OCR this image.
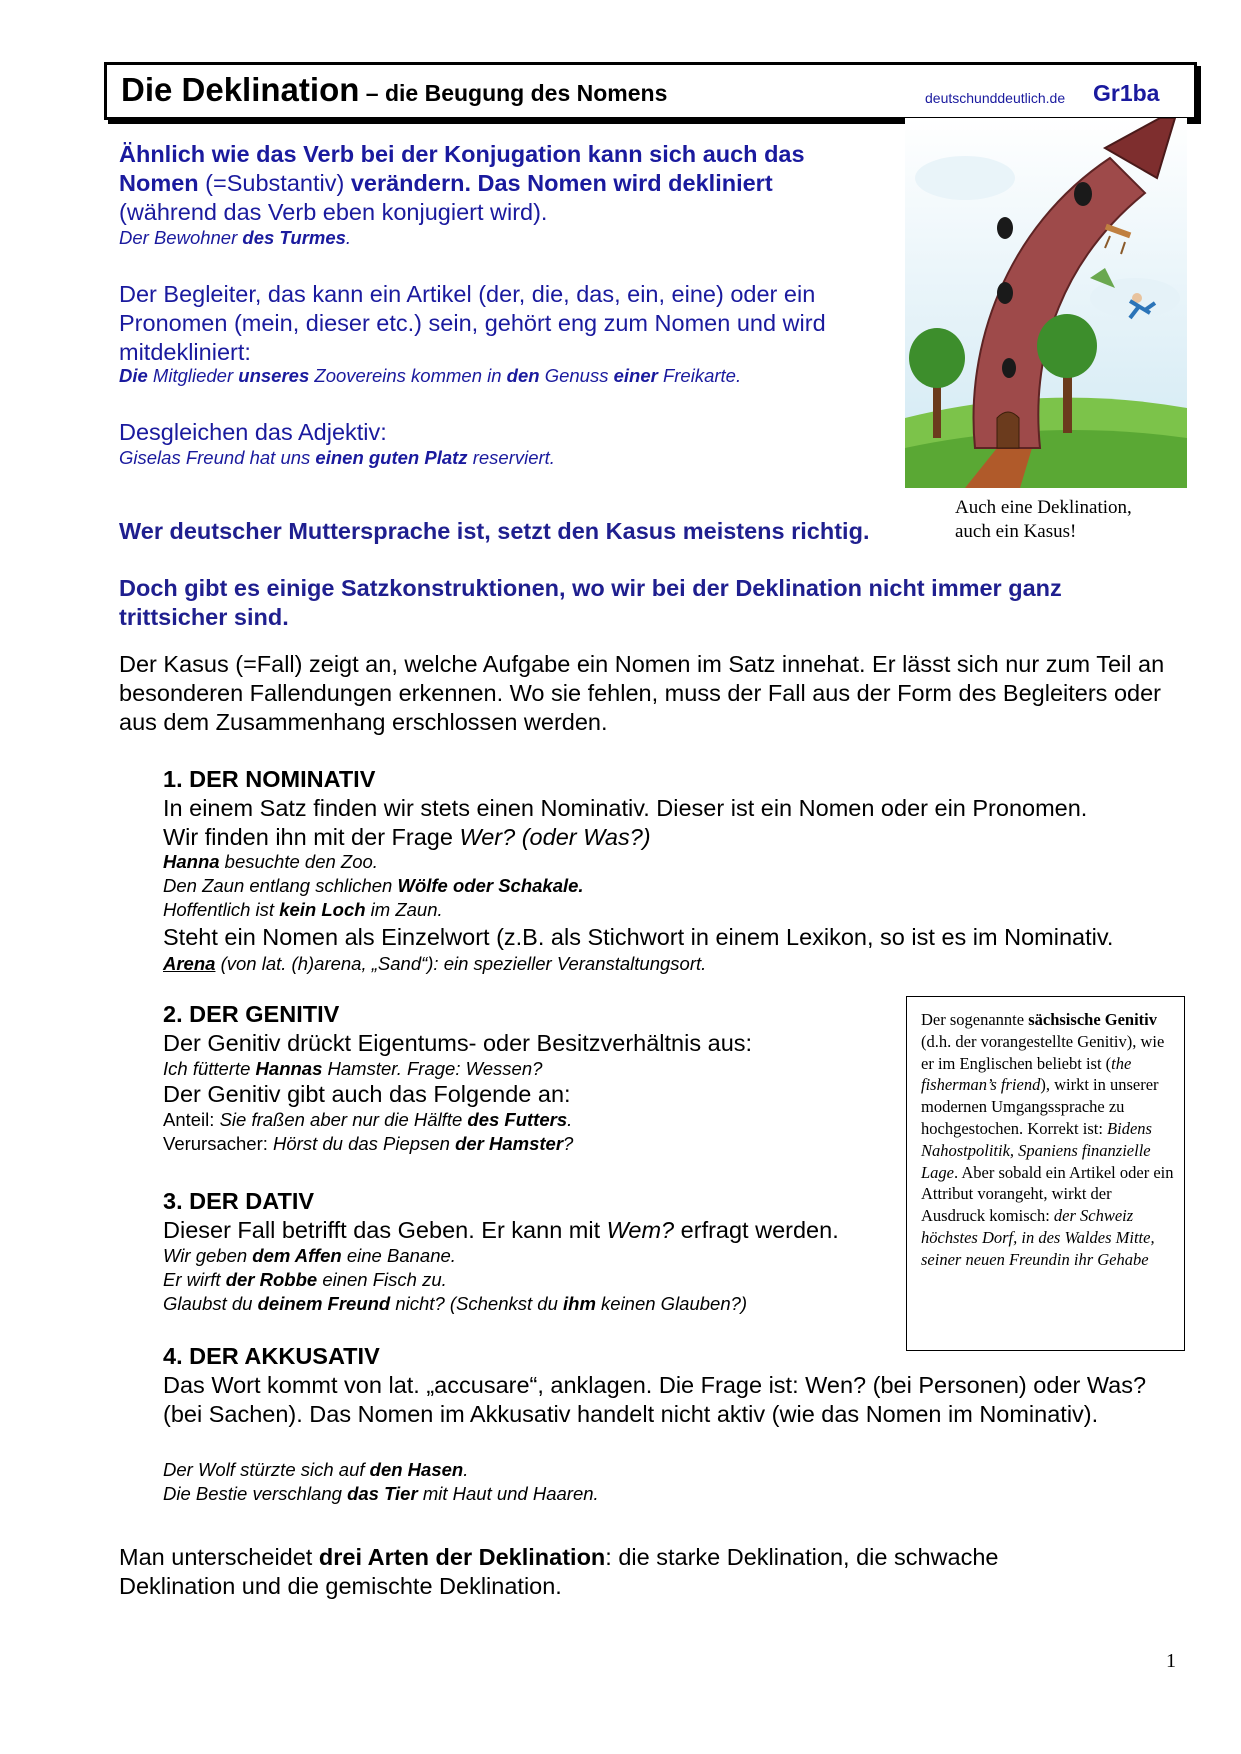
Die Deklination – die Beugung des Nomens	deutschunddeutlich.de Gr1ba
Ähnlich wie das Verb bei der Konjugation kann sich auch das Nomen (=Substantiv) verändern. Das Nomen wird dekliniert (während das Verb eben konjugiert wird).
Der Bewohner des Turmes.
Der Begleiter, das kann ein Artikel (der, die, das, ein, eine) oder ein Pronomen (mein, dieser etc.) sein, gehört eng zum Nomen und wird mitdekliniert:
Die Mitglieder unseres Zoovereins kommen in den Genuss einer Freikarte.
Desgleichen das Adjektiv:
Giselas Freund hat uns einen guten Platz reserviert.
Auch eine Deklination,
auch ein Kasus!
Wer deutscher Muttersprache ist, setzt den Kasus meistens richtig.
Doch gibt es einige Satzkonstruktionen, wo wir bei der Deklination nicht immer ganz trittsicher sind.
Der Kasus (=Fall) zeigt an, welche Aufgabe ein Nomen im Satz innehat. Er lässt sich nur zum Teil an besonderen Fallendungen erkennen. Wo sie fehlen, muss der Fall aus der Form des Begleiters oder aus dem Zusammenhang erschlossen werden.
1. DER NOMINATIV
In einem Satz finden wir stets einen Nominativ. Dieser ist ein Nomen oder ein Pronomen.
Wir finden ihn mit der Frage Wer? (oder Was?)
Hanna besuchte den Zoo.
Den Zaun entlang schlichen Wölfe oder Schakale.
Hoffentlich ist kein Loch im Zaun.
Steht ein Nomen als Einzelwort (z.B. als Stichwort in einem Lexikon, so ist es im Nominativ.
Arena (von lat. (h)arena, „Sand“): ein spezieller Veranstaltungsort.
2. DER GENITIV
Der Genitiv drückt Eigentums- oder Besitzverhältnis aus:
Ich fütterte Hannas Hamster. Frage: Wessen?
Der Genitiv gibt auch das Folgende an:
Anteil: Sie fraßen aber nur die Hälfte des Futters.
Verursacher: Hörst du das Piepsen der Hamster?
3. DER DATIV
Dieser Fall betrifft das Geben. Er kann mit Wem? erfragt werden.
Wir geben dem Affen eine Banane.
Er wirft der Robbe einen Fisch zu.
Glaubst du deinem Freund nicht? (Schenkst du ihm keinen Glauben?)
4. DER AKKUSATIV
Das Wort kommt von lat. „accusare“, anklagen. Die Frage ist: Wen? (bei Personen) oder Was? (bei Sachen). Das Nomen im Akkusativ handelt nicht aktiv (wie das Nomen im Nominativ).
Der Wolf stürzte sich auf den Hasen.
Die Bestie verschlang das Tier mit Haut und Haaren.
Der sogenannte sächsische Genitiv (d.h. der vorangestellte Genitiv), wie er im Englischen beliebt ist (the fisherman’s friend), wirkt in unserer modernen Umgangssprache zu hochgestochen. Korrekt ist: Bidens Nahostpolitik, Spaniens finanzielle Lage. Aber sobald ein Artikel oder ein Attribut vorangeht, wirkt der Ausdruck komisch: der Schweiz höchstes Dorf, in des Waldes Mitte, seiner neuen Freundin ihr Gehabe
Man unterscheidet drei Arten der Deklination: die starke Deklination, die schwache Deklination und die gemischte Deklination.
1
